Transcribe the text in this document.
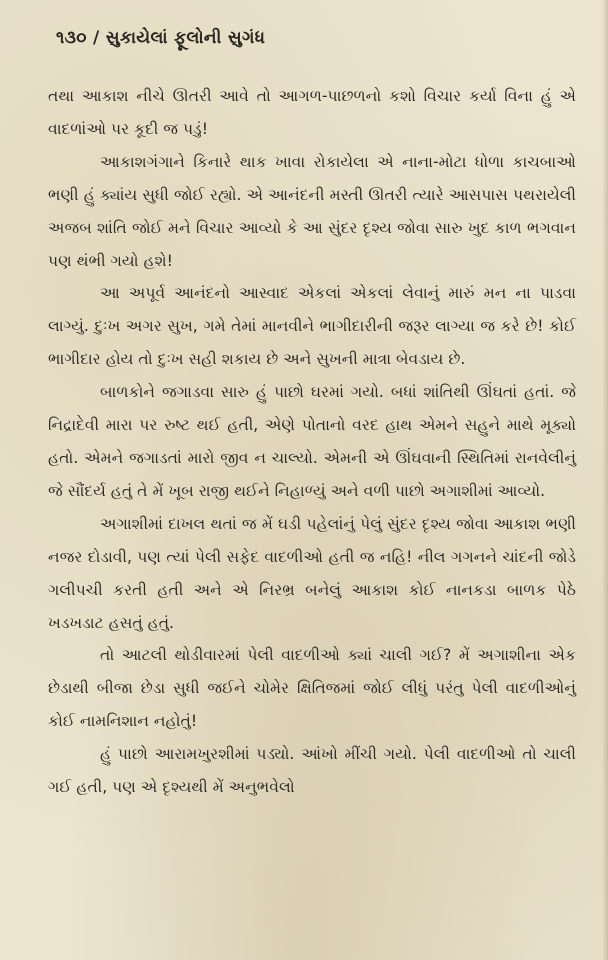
૧૩૦ / સુકાયેલાં ફૂલોની સુગંધ

તથા આકાશ નીચે ઊતરી આવે તો આગળ-પાછળનો કશો વિચાર કર્યા વિના હું એ વાદળાંઓ પર કૂદી જ પડું!

આકાશગંગાને કિનારે થાક ખાવા રોકાયેલા એ નાના-મોટા ધોળા કાચબાઓ ભણી હું ક્યાંય સુધી જોઈ રહ્યો. એ આનંદની મસ્તી ઊતરી ત્યારે આસપાસ પથરાયેલી અજબ શાંતિ જોઈ મને વિચાર આવ્યો કે આ સુંદર દૃશ્ય જોવા સારુ ખુદ કાળ ભગવાન પણ થંભી ગયો હશે!

આ અપૂર્વ આનંદનો આસ્વાદ એકલાં એકલાં લેવાનું મારું મન ના પાડવા લાગ્યું. દુઃખ અગર સુખ, ગમે તેમાં માનવીને ભાગીદારીની જરૂર લાગ્યા જ કરે છે! કોઈ ભાગીદાર હોય તો દુઃખ સહી શકાય છે અને સુખની માત્રા બેવડાય છે.

બાળકોને જગાડવા સારુ હું પાછો ઘરમાં ગયો. બધાં શાંતિથી ઊંઘતાં હતાં. જે નિદ્રાદેવી મારા પર રુષ્ટ થઈ હતી, એણે પોતાનો વરદ હાથ એમને સહુને માથે મૂક્યો હતો. એમને જગાડતાં મારો જીવ ન ચાલ્યો. એમની એ ઊંઘવાની સ્થિતિમાં રાનવેલીનું જે સૌંદર્ય હતું તે મેં ખૂબ રાજી થઈને નિહાળ્યું અને વળી પાછો અગાશીમાં આવ્યો.

અગાશીમાં દાખલ થતાં જ મેં ઘડી પહેલાંનું પેલું સુંદર દૃશ્ય જોવા આકાશ ભણી નજર દોડાવી, પણ ત્યાં પેલી સફેદ વાદળીઓ હતી જ નહિ! નીલ ગગનને ચાંદની જોડે ગલીપચી કરતી હતી અને એ નિરભ્ર બનેલું આકાશ કોઈ નાનકડા બાળક પેઠે ખડખડાટ હસતું હતું.

તો આટલી થોડીવારમાં પેલી વાદળીઓ ક્યાં ચાલી ગઈ? મેં અગાશીના એક છેડાથી બીજા છેડા સુધી જઈને ચોમેર ક્ષિતિજમાં જોઈ લીધું પરંતુ પેલી વાદળીઓનું કોઈ નામનિશાન નહોતું!

હું પાછો આરામખુરશીમાં પડ્યો. આંખો મીંચી ગયો. પેલી વાદળીઓ તો ચાલી ગઈ હતી, પણ એ દૃશ્યથી મેં અનુભવેલો
